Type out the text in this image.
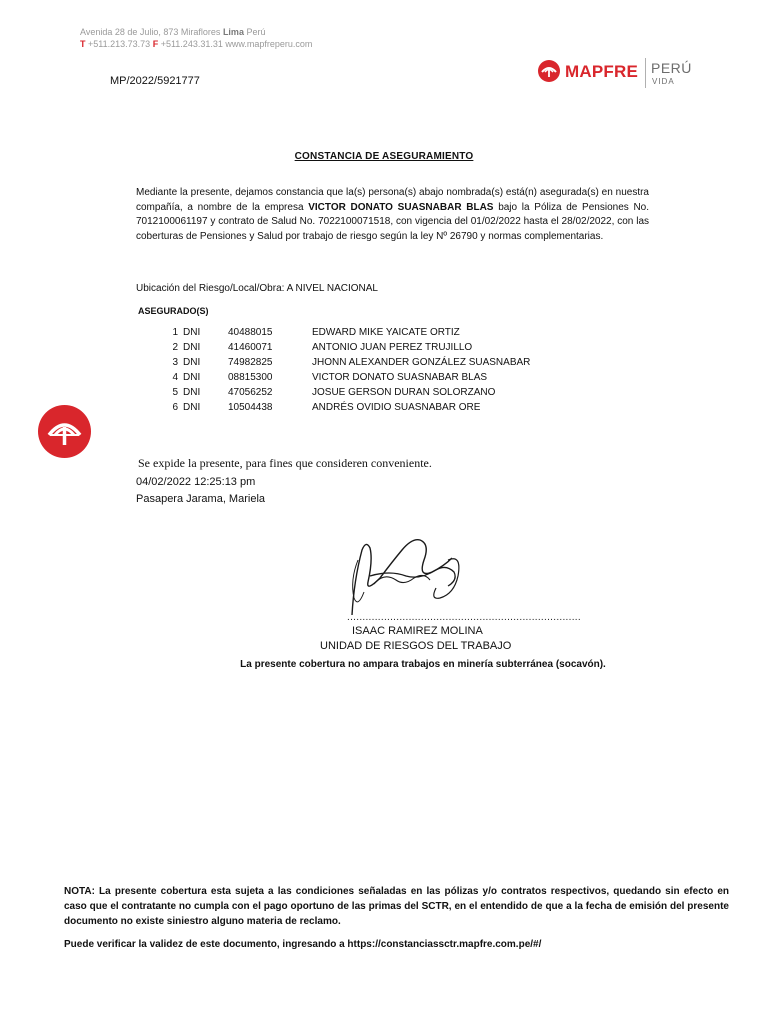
Avenida 28 de Julio, 873 Miraflores Lima Perú
T +511.213.73.73 F +511.243.31.31 www.mapfreperu.com
MP/2022/5921777	MAPFRE PERÚ
VIDA
CONSTANCIA DE ASEGURAMIENTO
Mediante la presente, dejamos constancia que la(s) persona(s) abajo nombrada(s) está(n) asegurada(s) en nuestra compañía, a nombre de la empresa VICTOR DONATO SUASNABAR BLAS bajo la Póliza de Pensiones No. 7012100061197 y contrato de Salud No. 7022100071518, con vigencia del 01/02/2022 hasta el 28/02/2022, con las coberturas de Pensiones y Salud por trabajo de riesgo según la ley Nº 26790 y normas complementarias.
Ubicación del Riesgo/Local/Obra: A NIVEL NACIONAL
ASEGURADO(S)
1 DNI	40488015	EDWARD MIKE YAICATE ORTIZ
2 DNI	41460071	ANTONIO JUAN PEREZ TRUJILLO
3 DNI	74982825	JHONN ALEXANDER GONZÁLEZ SUASNABAR
4 DNI	08815300	VICTOR DONATO SUASNABAR BLAS
5 DNI	47056252	JOSUE GERSON DURAN SOLORZANO
6 DNI	10504438	ANDRÉS OVIDIO SUASNABAR ORE
Se expide la presente, para fines que consideren conveniente.
04/02/2022 12:25:13 pm
Pasapera Jarama, Mariela
............................................................................
ISAAC RAMIREZ MOLINA
UNIDAD DE RIESGOS DEL TRABAJO
La presente cobertura no ampara trabajos en minería subterránea (socavón).
NOTA: La presente cobertura esta sujeta a las condiciones señaladas en las pólizas y/o contratos respectivos, quedando sin efecto en caso que el contratante no cumpla con el pago oportuno de las primas del SCTR, en el entendido de que a la fecha de emisión del presente documento no existe siniestro alguno materia de reclamo.
Puede verificar la validez de este documento, ingresando a https://constanciassctr.mapfre.com.pe/#/
